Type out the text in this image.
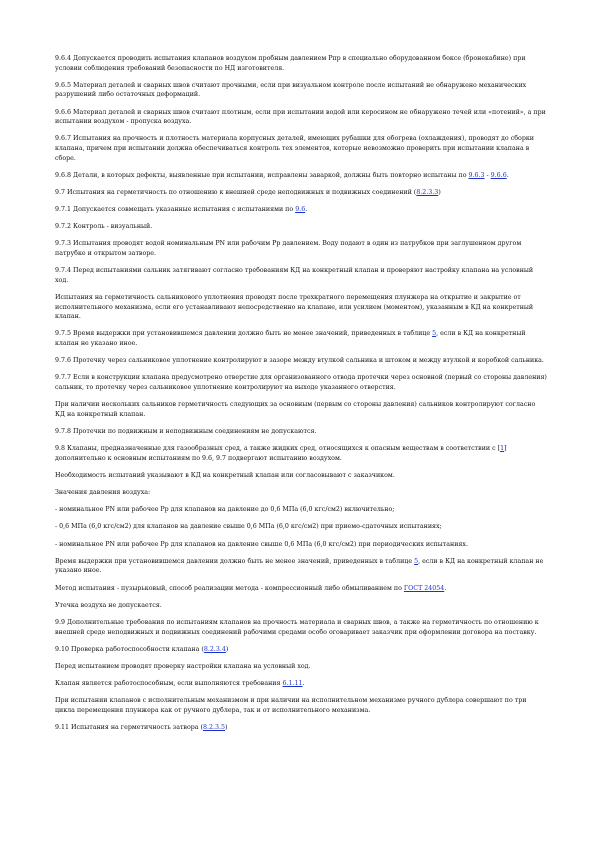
9.6.4 Допускается проводить испытания клапанов воздухом пробным давлением Рпр в специально оборудованном боксе (бронекабине) при условии соблюдения требований безопасности по НД изготовителя.

9.6.5 Материал деталей и сварных швов считают прочными, если при визуальном контроле после испытаний не обнаружено механических разрушений либо остаточных деформаций.

9.6.6 Материал деталей и сварных швов считают плотным, если при испытании водой или керосином не обнаружено течей или «потений», а при испытании воздухом - пропуска воздуха.

9.6.7 Испытания на прочность и плотность материала корпусных деталей, имеющих рубашки для обогрева (охлаждения), проводят до сборки клапана, причем при испытании должна обеспечиваться контроль тех элементов, которые невозможно проверить при испытании клапана в сборе.

9.6.8 Детали, в которых дефекты, выявленные при испытании, исправлены заваркой, должны быть повторно испытаны по 9.6.3 - 9.6.6.

9.7 Испытания на герметичность по отношению к внешней среде неподвижных и подвижных соединений (8.2.3.3)

9.7.1 Допускается совмещать указанные испытания с испытаниями по 9.6.

9.7.2 Контроль - визуальный.

9.7.3 Испытания проводят водой номинальным PN или рабочим Рр давлением. Воду подают в один из патрубков при заглушенном другом патрубке и открытом затворе.

9.7.4 Перед испытаниями сальник затягивают согласно требованиям КД на конкретный клапан и проверяют настройку клапана на условный ход.

Испытания на герметичность сальникового уплотнения проводят после трехкратного перемещения плунжера на открытие и закрытие от исполнительного механизма, если его устанавливают непосредственно на клапане, или усилием (моментом), указанным в КД на конкретный клапан.

9.7.5 Время выдержки при установившемся давлении должно быть не менее значений, приведенных в таблице 5, если в КД на конкретный клапан не указано иное.

9.7.6 Протечку через сальниковое уплотнение контролируют в зазоре между втулкой сальника и штоком и между втулкой и коробкой сальника.

9.7.7 Если в конструкции клапана предусмотрено отверстие для организованного отвода протечки через основной (первый со стороны давления) сальник, то протечку через сальниковое уплотнение контролируют на выходе указанного отверстия.

При наличии нескольких сальников герметичность следующих за основным (первым со стороны давления) сальников контролируют согласно КД на конкретный клапан.

9.7.8 Протечки по подвижным и неподвижным соединениям не допускаются.

9.8 Клапаны, предназначенные для газообразных сред, а также жидких сред, относящихся к опасным веществам в соответствии с [1] дополнительно к основным испытаниям по 9.6, 9.7 подвергают испытанию воздухом.

Необходимость испытаний указывают в КД на конкретный клапан или согласовывают с заказчиком.

Значения давления воздуха:

- номинальное PN или рабочее Рр для клапанов на давление до 0,6 МПа (6,0 кгс/см2) включительно;

- 0,6 МПа (6,0 кгс/см2) для клапанов на давление свыше 0,6 МПа (6,0 кгс/см2) при приемо-сдаточных испытаниях;

- номинальное PN или рабочее Рр для клапанов на давление свыше 0,6 МПа (6,0 кгс/см2) при периодических испытаниях.

Время выдержки при установившемся давлении должно быть не менее значений, приведенных в таблице 5, если в КД на конкретный клапан не указано иное.

Метод испытания - пузырьковый, способ реализации метода - компрессионный либо обмыливанием по ГОСТ 24054.

Утечка воздуха не допускается.

9.9 Дополнительные требования по испытаниям клапанов на прочность материала и сварных швов, а также на герметичность по отношению к внешней среде неподвижных и подвижных соединений рабочими средами особо оговаривает заказчик при оформлении договора на поставку.

9.10 Проверка работоспособности клапана (8.2.3.4)

Перед испытанием проводят проверку настройки клапана на условный ход.

Клапан является работоспособным, если выполняются требования 6.1.11.

При испытании клапанов с исполнительным механизмом и при наличии на исполнительном механизме ручного дублера совершают по три цикла перемещения плунжера как от ручного дублера, так и от исполнительного механизма.

9.11 Испытания на герметичность затвора (8.2.3.5)
